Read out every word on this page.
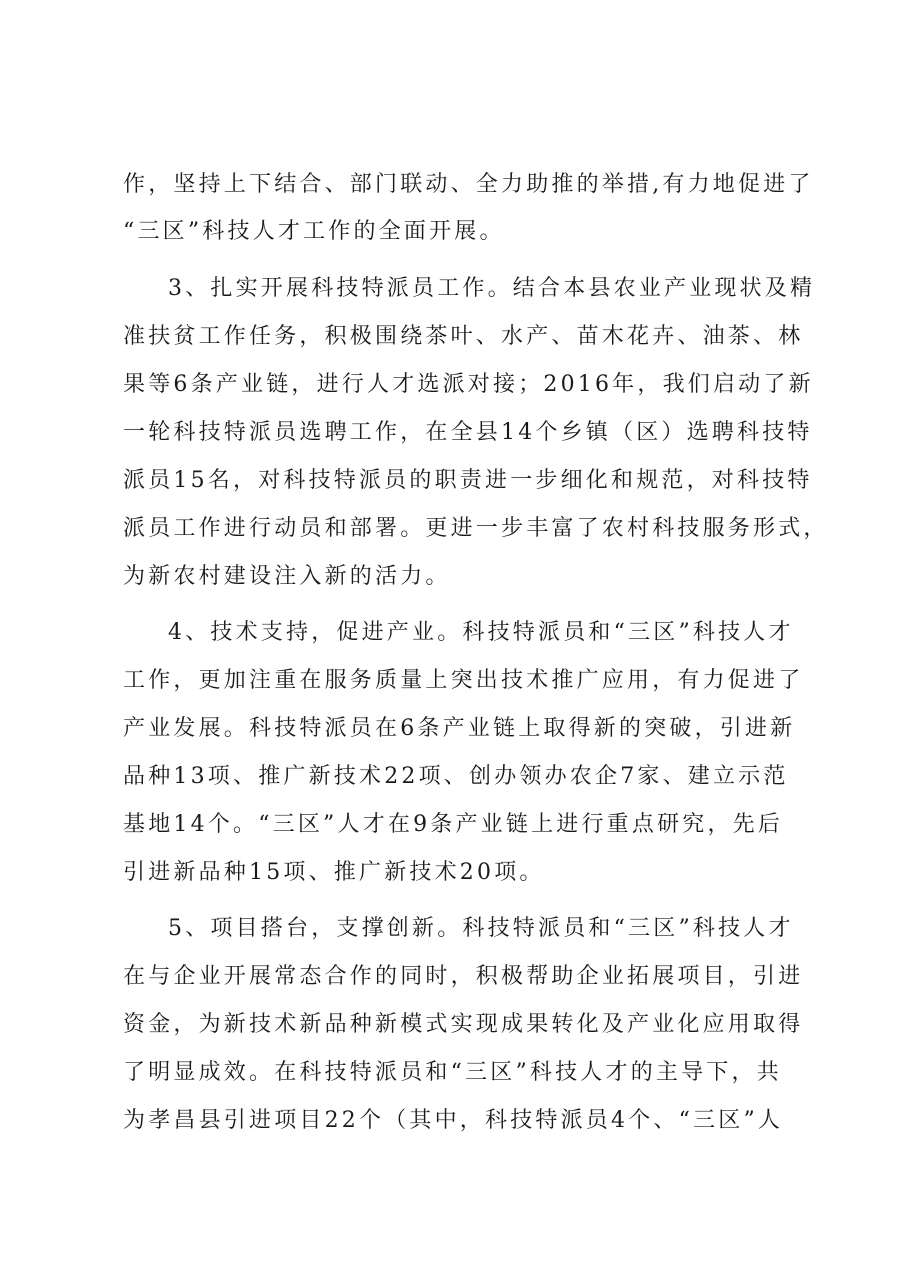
作，坚持上下结合、部门联动、全力助推的举措,有力地促进了
“三区”科技人才工作的全面开展。
3、扎实开展科技特派员工作。结合本县农业产业现状及精
准扶贫工作任务，积极围绕茶叶、水产、苗木花卉、油茶、林
果等6条产业链，进行人才选派对接；2016年，我们启动了新
一轮科技特派员选聘工作，在全县14个乡镇（区）选聘科技特
派员15名，对科技特派员的职责进一步细化和规范，对科技特
派员工作进行动员和部署。更进一步丰富了农村科技服务形式，
为新农村建设注入新的活力。
4、技术支持，促进产业。科技特派员和“三区”科技人才
工作，更加注重在服务质量上突出技术推广应用，有力促进了
产业发展。科技特派员在6条产业链上取得新的突破，引进新
品种13项、推广新技术22项、创办领办农企7家、建立示范
基地14个。“三区”人才在9条产业链上进行重点研究，先后
引进新品种15项、推广新技术20项。
5、项目搭台，支撑创新。科技特派员和“三区”科技人才
在与企业开展常态合作的同时，积极帮助企业拓展项目，引进
资金，为新技术新品种新模式实现成果转化及产业化应用取得
了明显成效。在科技特派员和“三区”科技人才的主导下，共
为孝昌县引进项目22个（其中，科技特派员4个、“三区”人
